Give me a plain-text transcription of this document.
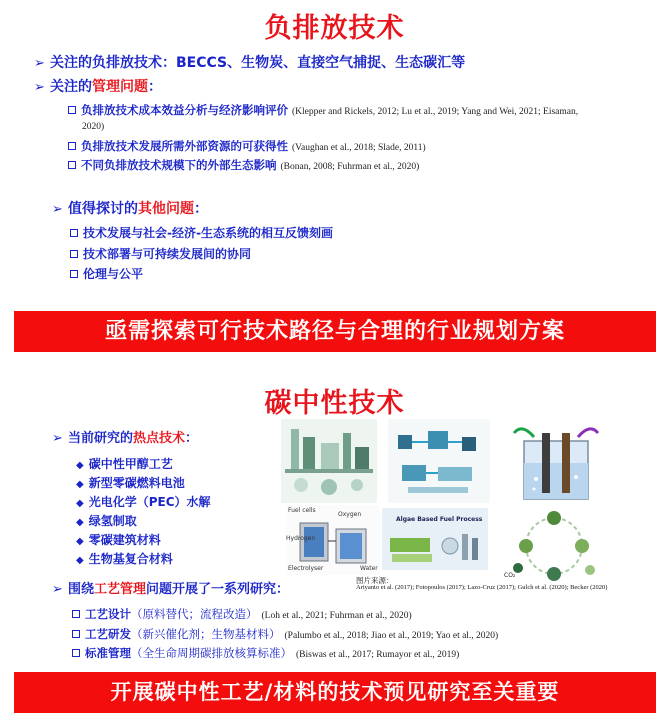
负排放技术
➢ 关注的负排放技术：BECCS、生物炭、直接空气捕捉、生态碳汇等
➢ 关注的管理问题：
负排放技术成本效益分析与经济影响评价 (Klepper and Rickels, 2012; Lu et al., 2019; Yang and Wei, 2021; Eisaman,
2020)
负排放技术发展所需外部资源的可获得性 (Vaughan et al., 2018; Slade, 2011)
不同负排放技术规模下的外部生态影响 (Bonan, 2008; Fuhrman et al., 2020)
➢ 值得探讨的其他问题：
技术发展与社会-经济-生态系统的相互反馈刻画
技术部署与可持续发展间的协同
伦理与公平
亟需探索可行技术路径与合理的行业规划方案
碳中性技术
➢ 当前研究的热点技术：
◆ 碳中性甲醇工艺
◆ 新型零碳燃料电池
◆ 光电化学（PEC）水解
◆ 绿氢制取
◆ 零碳建筑材料
◆ 生物基复合材料
Fuel cells
Oxygen
Hydrogen
Electrolyser	Water
Algae Based Fuel Process
CO₂
图片来源：
Ariyanto et al. (2017); Fotopoulos (2017); Lazo-Cruz (2017); Gulch et al. (2020); Becker (2020)
➢ 围绕工艺管理问题开展了一系列研究：
工艺设计（原料替代；流程改造） (Loh et al., 2021; Fuhrman et al., 2020)
工艺研发（新兴催化剂；生物基材料） (Palumbo et al., 2018; Jiao et al., 2019; Yao et al., 2020)
标准管理（全生命周期碳排放核算标准） (Biswas et al., 2017; Rumayor et al., 2019)
开展碳中性工艺/材料的技术预见研究至关重要
